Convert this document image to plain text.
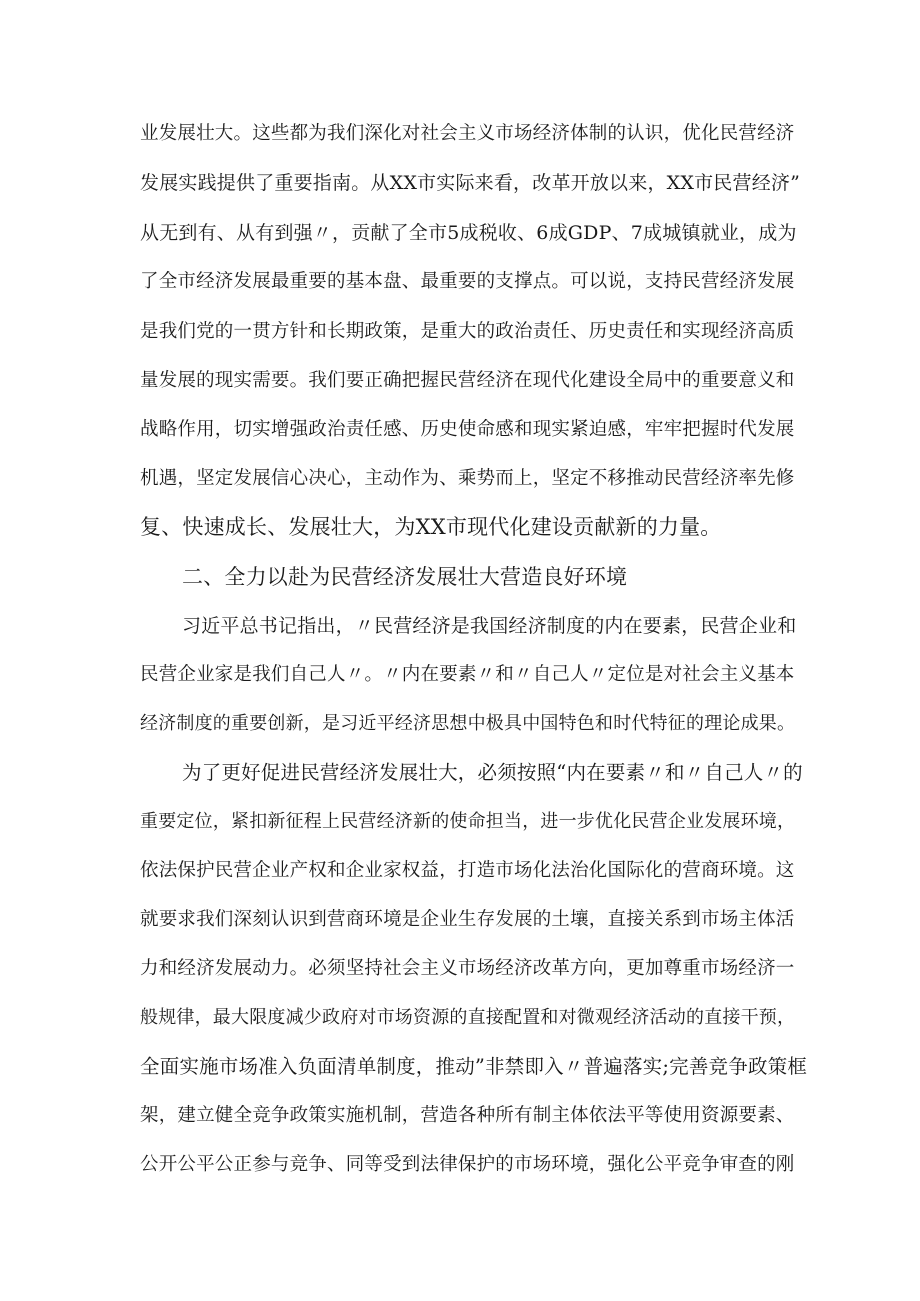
业发展壮大。这些都为我们深化对社会主义市场经济体制的认识，优化民营经济
发展实践提供了重要指南。从XX市实际来看，改革开放以来，XX市民营经济”
从无到有、从有到强〃，贡献了全市5成税收、6成GDP、7成城镇就业，成为
了全市经济发展最重要的基本盘、最重要的支撑点。可以说，支持民营经济发展
是我们党的一贯方针和长期政策，是重大的政治责任、历史责任和实现经济高质
量发展的现实需要。我们要正确把握民营经济在现代化建设全局中的重要意义和
战略作用，切实增强政治责任感、历史使命感和现实紧迫感，牢牢把握时代发展
机遇，坚定发展信心决心，主动作为、乘势而上，坚定不移推动民营经济率先修
复、快速成长、发展壮大，为XX市现代化建设贡献新的力量。
二、全力以赴为民营经济发展壮大营造良好环境
习近平总书记指出，〃民营经济是我国经济制度的内在要素，民营企业和
民营企业家是我们自己人〃。〃内在要素〃和〃自己人〃定位是对社会主义基本
经济制度的重要创新，是习近平经济思想中极具中国特色和时代特征的理论成果。
为了更好促进民营经济发展壮大，必须按照“内在要素〃和〃自己人〃的
重要定位，紧扣新征程上民营经济新的使命担当，进一步优化民营企业发展环境，
依法保护民营企业产权和企业家权益，打造市场化法治化国际化的营商环境。这
就要求我们深刻认识到营商环境是企业生存发展的土壤，直接关系到市场主体活
力和经济发展动力。必须坚持社会主义市场经济改革方向，更加尊重市场经济一
般规律，最大限度减少政府对市场资源的直接配置和对微观经济活动的直接干预，
全面实施市场准入负面清单制度，推动”非禁即入〃普遍落实;完善竞争政策框
架，建立健全竞争政策实施机制，营造各种所有制主体依法平等使用资源要素、
公开公平公正参与竞争、同等受到法律保护的市场环境，强化公平竞争审查的刚
